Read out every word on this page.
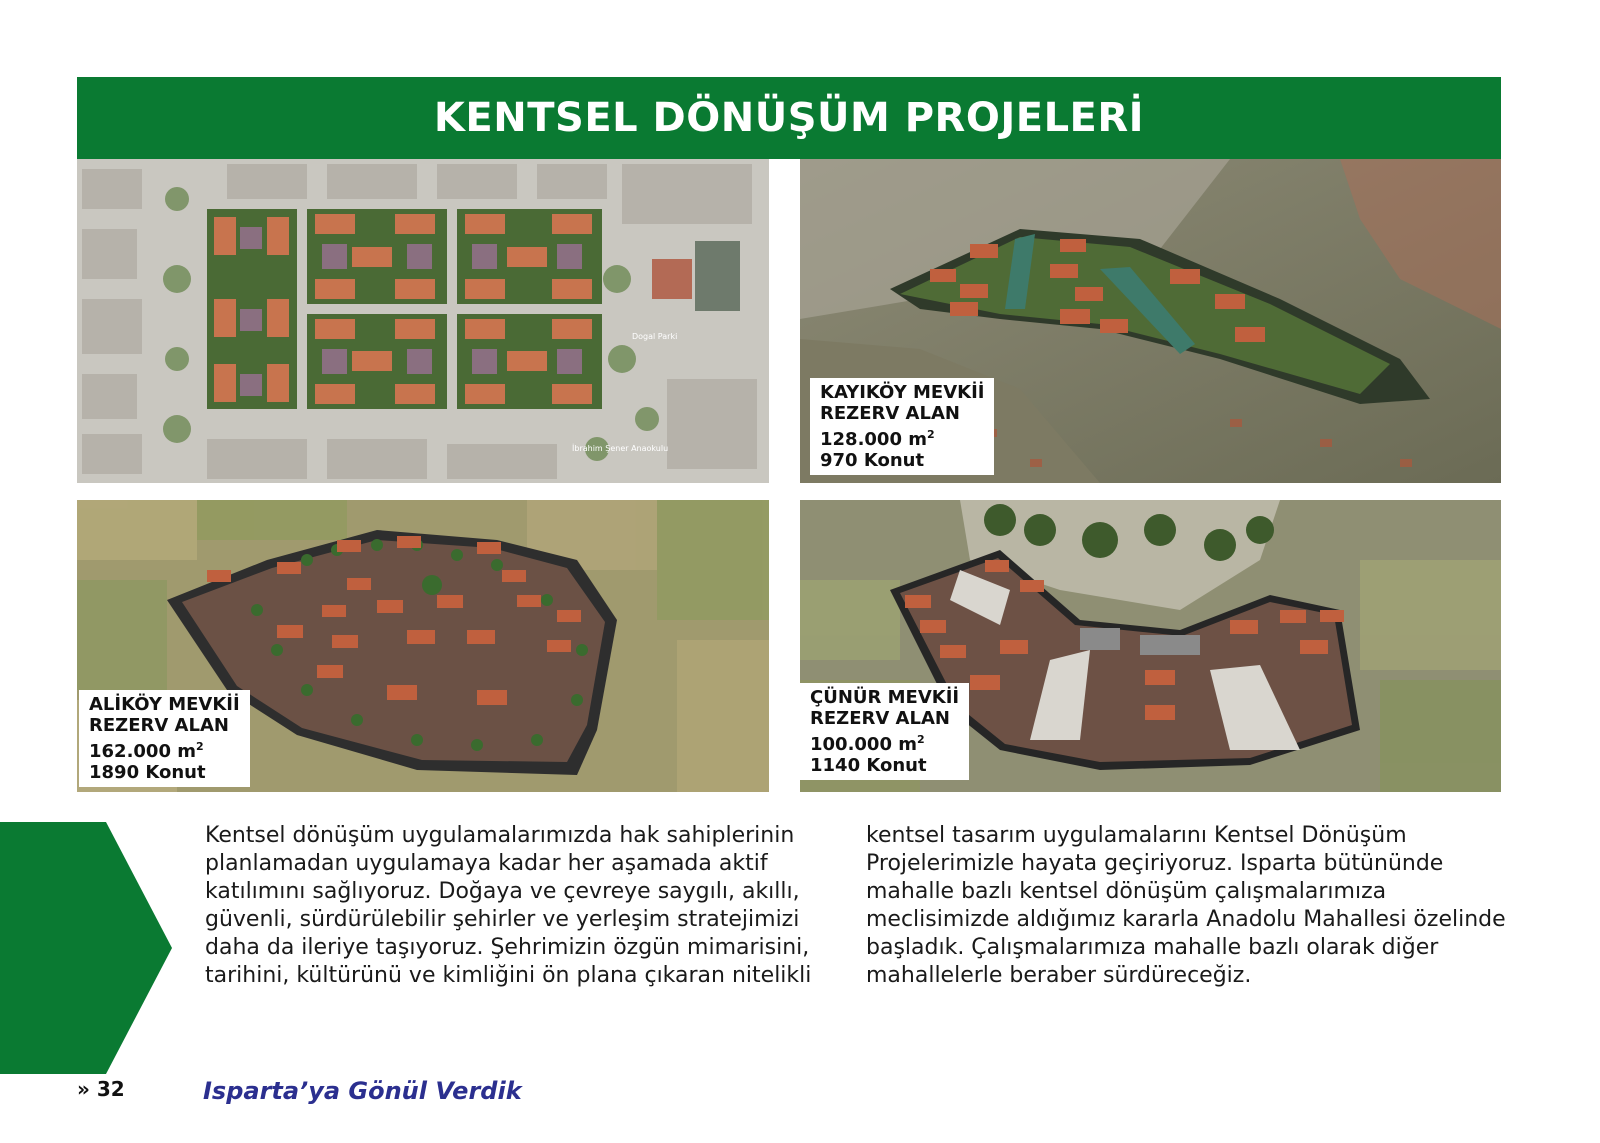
KENTSEL DÖNÜŞÜM PROJELERİ
Dogal Parki
İbrahim Şener Anaokulu
KAYIKÖY MEVKİİ
REZERV ALAN
128.000 $m^2$
970 Konut
ALİKÖY MEVKİİ
REZERV ALAN
162.000 $m^2$
1890 Konut
ÇÜNÜR MEVKİİ
REZERV ALAN
100.000 $m^2$
1140 Konut
Kentsel dönüşüm uygulamalarımızda hak sahiplerinin planlamadan uygulamaya kadar her aşamada aktif katılımını sağlıyoruz. Doğaya ve çevreye saygılı, akıllı, güvenli, sürdürülebilir şehirler ve yerleşim stratejimizi daha da ileriye taşıyoruz. Şehrimizin özgün mimarisini, tarihini, kültürünü ve kimliğini ön plana çıkaran nitelikli
kentsel tasarım uygulamalarını Kentsel Dönüşüm Projelerimizle hayata geçiriyoruz. Isparta bütününde mahalle bazlı kentsel dönüşüm çalışmalarımıza meclisimizde aldığımız kararla Anadolu Mahallesi özelinde başladık. Çalışmalarımıza mahalle bazlı olarak diğer mahallelerle beraber sürdüreceğiz.
» 32	Isparta’ya Gönül Verdik
